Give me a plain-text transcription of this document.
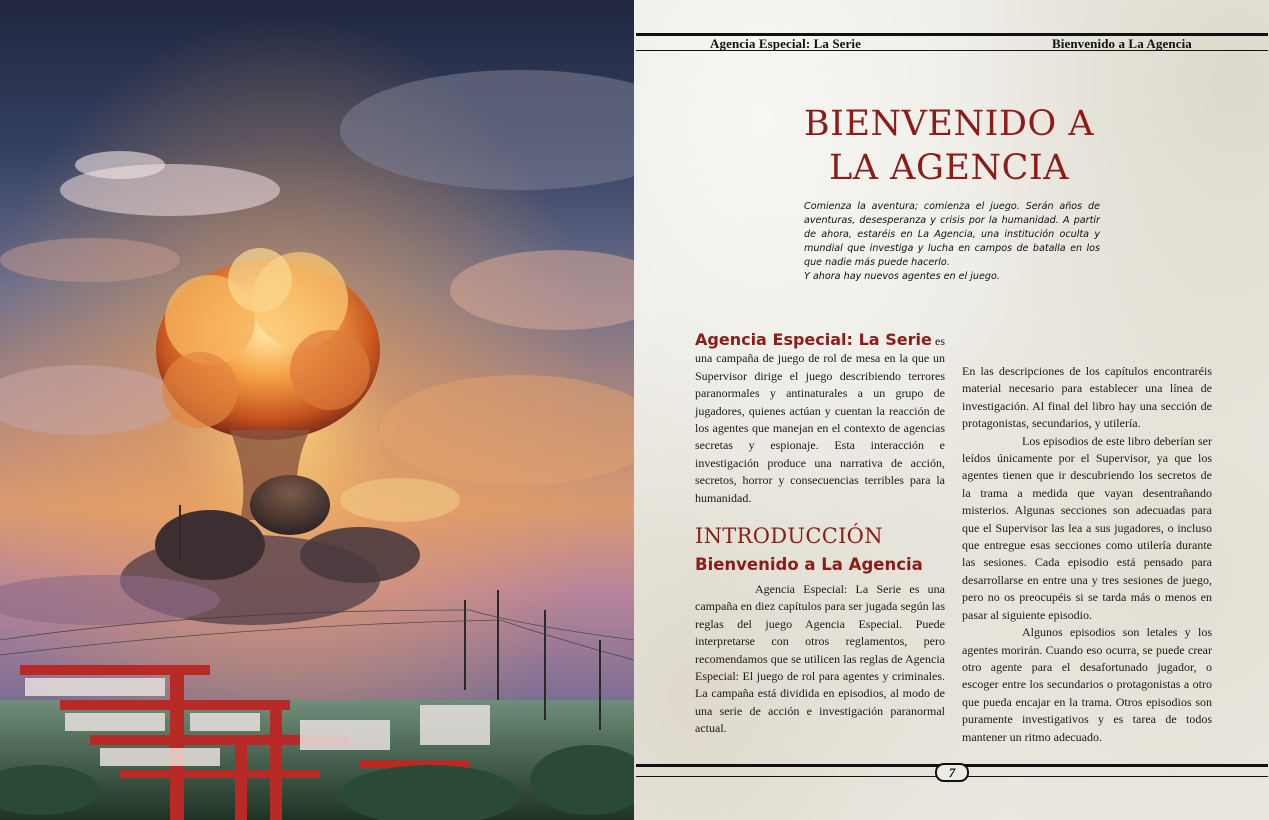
Agencia Especial: La Serie	Bienvenido a La Agencia
BIENVENIDO A
LA AGENCIA

Comienza la aventura; comienza el juego. Serán años de aventuras, desesperanza y crisis por la humanidad. A partir de ahora, estaréis en La Agencia, una institución oculta y mundial que investiga y lucha en campos de batalla en los que nadie más puede hacerlo.

Y ahora hay nuevos agentes en el juego.

Agencia Especial: La Serie es una campaña de juego de rol de mesa en la que un Supervisor dirige el juego describiendo terrores paranormales y antinaturales a un grupo de jugadores, quienes actúan y cuentan la reacción de los agentes que manejan en el contexto de agencias secretas y espionaje. Esta interacción e investigación produce una narrativa de acción, secretos, horror y consecuencias terribles para la humanidad.

INTRODUCCIÓN
Bienvenido a La Agencia

Agencia Especial: La Serie es una campaña en diez capítulos para ser jugada según las reglas del juego Agencia Especial. Puede interpretarse con otros reglamentos, pero recomendamos que se utilicen las reglas de Agencia Especial: El juego de rol para agentes y criminales. La campaña está dividida en episodios, al modo de una serie de acción e investigación paranormal actual.

En las descripciones de los capítulos encontraréis material necesario para establecer una línea de investigación. Al final del libro hay una sección de protagonistas, secundarios, y utilería.

Los episodios de este libro deberían ser leídos únicamente por el Supervisor, ya que los agentes tienen que ir descubriendo los secretos de la trama a medida que vayan desentrañando misterios. Algunas secciones son adecuadas para que el Supervisor las lea a sus jugadores, o incluso que entregue esas secciones como utilería durante las sesiones. Cada episodio está pensado para desarrollarse en entre una y tres sesiones de juego, pero no os preocupéis si se tarda más o menos en pasar al siguiente episodio.

Algunos episodios son letales y los agentes morirán. Cuando eso ocurra, se puede crear otro agente para el desafortunado jugador, o escoger entre los secundarios o protagonistas a otro que pueda encajar en la trama. Otros episodios son puramente investigativos y es tarea de todos mantener un ritmo adecuado.

7
